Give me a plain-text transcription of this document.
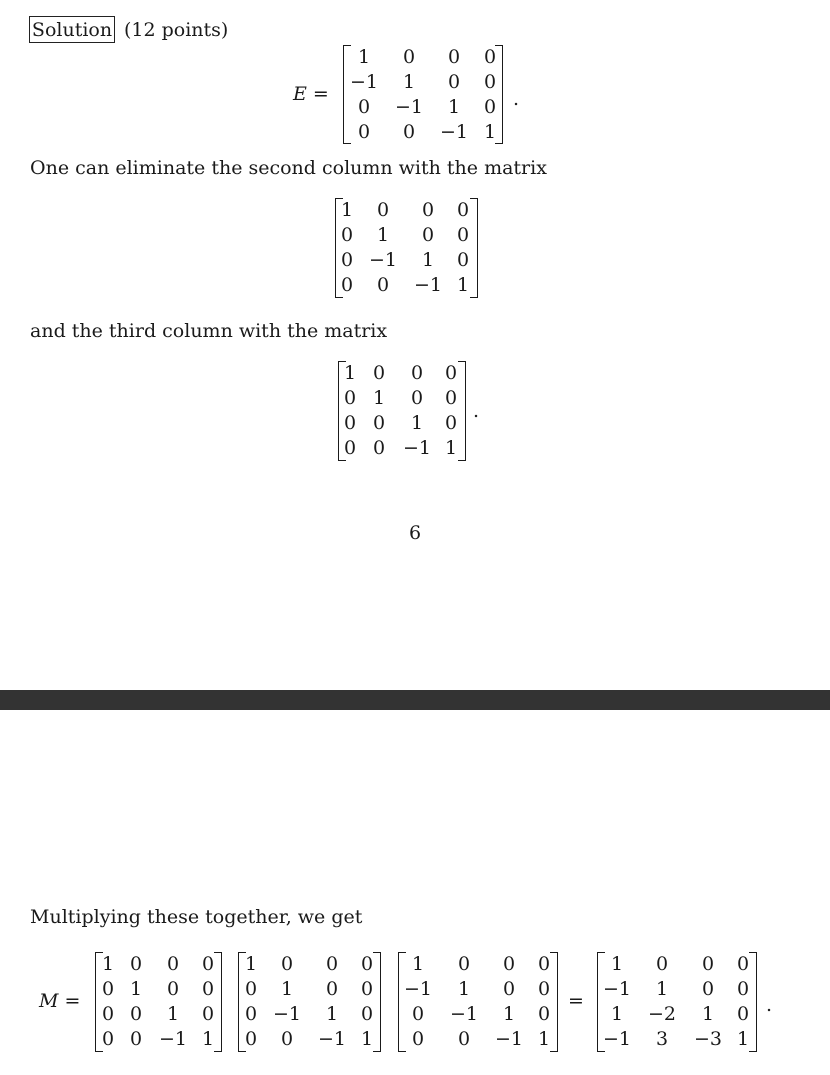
Solution (12 points)
E =
1 0 0 0
−1 1 0 0
0 −1 1 0
0 0 −1 1
.
One can eliminate the second column with the matrix
1 0 0 0
0 1 0 0
0 −1 1 0
0 0 −1 1
and the third column with the matrix
1 0 0 0
0 1 0 0
0 0 1 0
0 0 −1 1
.
6
Multiplying these together, we get
M =
1 0 0 0
0 1 0 0
0 0 1 0
0 0 −1 1
1 0 0 0
0 1 0 0
0 −1 1 0
0 0 −1 1
1 0 0 0
−1 1 0 0
0 −1 1 0
0 0 −1 1
=
1 0 0 0
−1 1 0 0
1 −2 1 0
−1 3 −3 1
.
